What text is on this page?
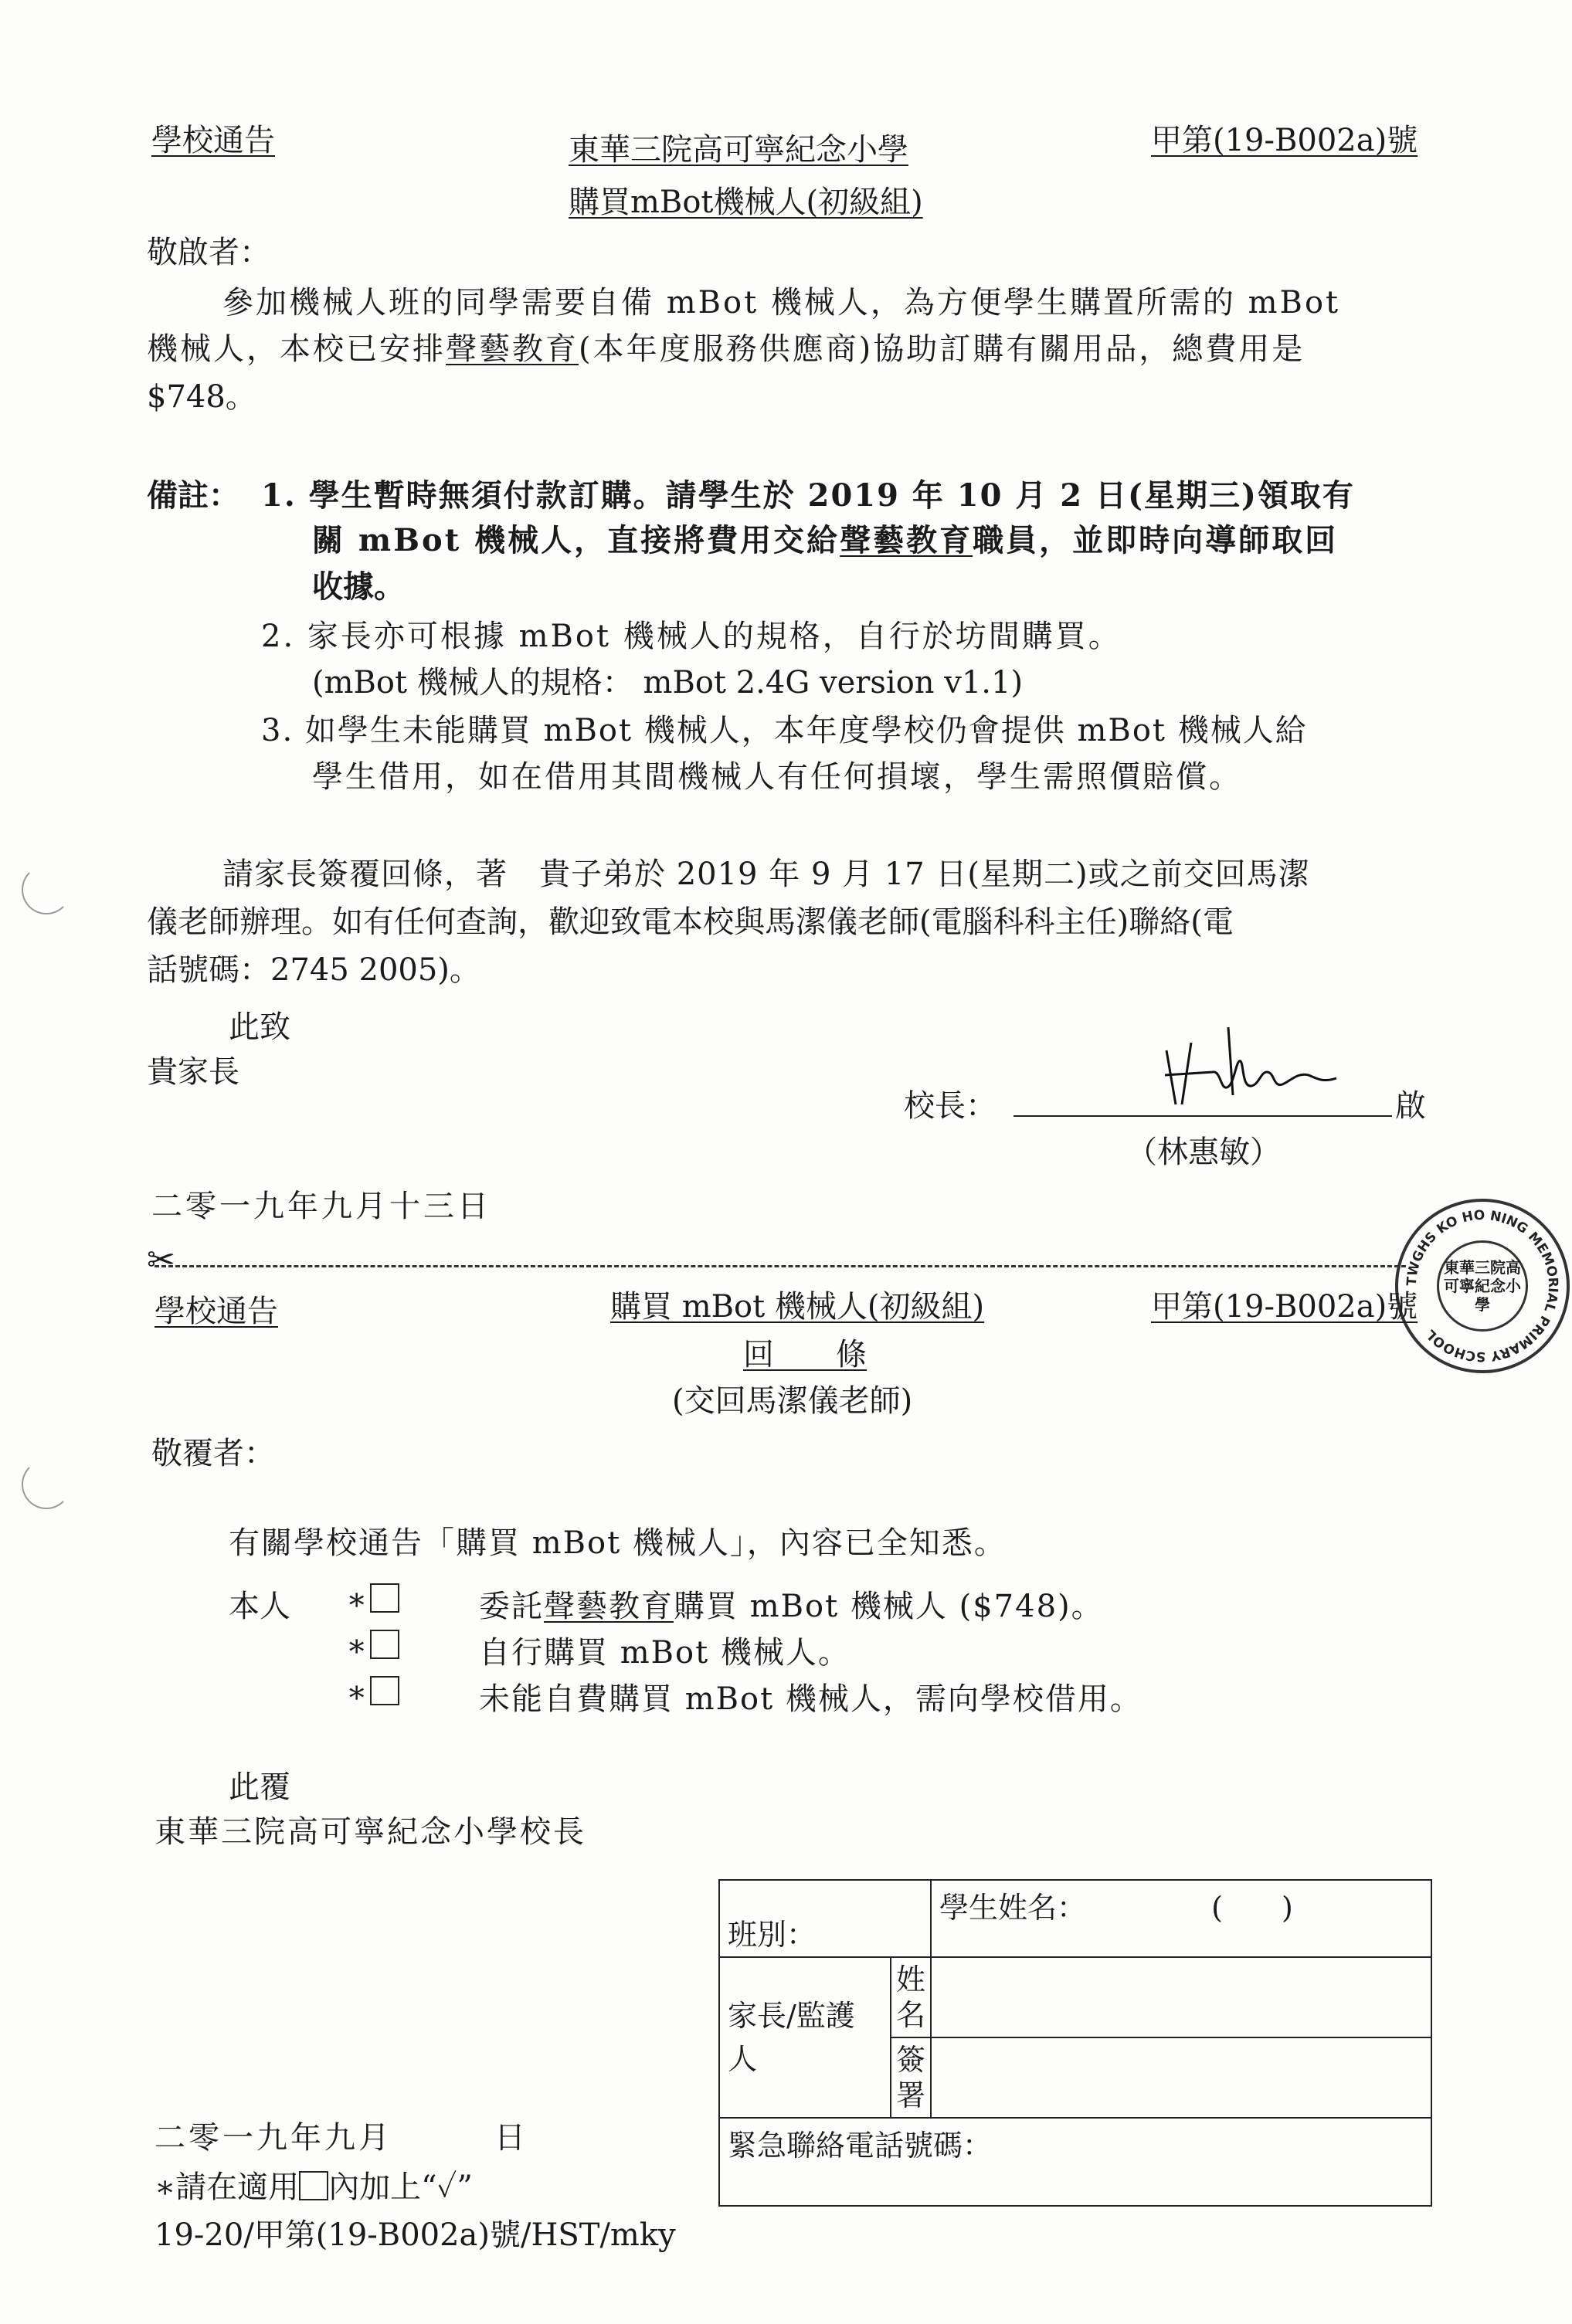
學校通告	東華三院高可寧紀念小學
購買mBot機械人(初級組)
甲第(19-B002a)號
敬啟者：
參加機械人班的同學需要自備 mBot 機械人，為方便學生購置所需的 mBot
機械人，本校已安排聲藝教育(本年度服務供應商)協助訂購有關用品，總費用是
$748。
備註： 1. 學生暫時無須付款訂購。請學生於 2019 年 10 月 2 日(星期三)領取有
關 mBot 機械人，直接將費用交給聲藝教育職員，並即時向導師取回
收據。
2. 家長亦可根據 mBot 機械人的規格，自行於坊間購買。
(mBot 機械人的規格： mBot 2.4G version v1.1)
3. 如學生未能購買 mBot 機械人，本年度學校仍會提供 mBot 機械人給
學生借用，如在借用其間機械人有任何損壞，學生需照價賠償。
請家長簽覆回條，著　貴子弟於 2019 年 9 月 17 日(星期二)或之前交回馬潔
儀老師辦理。如有任何查詢，歡迎致電本校與馬潔儀老師(電腦科科主任)聯絡(電
話號碼：2745 2005)。
此致
貴家長
校長：	啟
（林惠敏）
二零一九年九月十三日
TWGHS KO HO NING MEMORIAL PRIMARY SCHOOL
東華三院高可寧紀念小學
✂
學校通告	購買 mBot 機械人(初級組)	甲第(19-B002a)號
回　　條
(交回馬潔儀老師)
敬覆者：
有關學校通告「購買 mBot 機械人」，內容已全知悉。
本人 ∗	委託聲藝教育購買 mBot 機械人 ($748)。
∗	自行購買 mBot 機械人。
∗	未能自費購買 mBot 機械人，需向學校借用。
此覆
東華三院高可寧紀念小學校長
班別：		學生姓名： (　　)
家長/監護人	姓名	
	簽署	
緊急聯絡電話號碼：		
二零一九年九月　　　日
∗請在適用 內加上“✓”
19-20/甲第(19-B002a)號/HST/mky
